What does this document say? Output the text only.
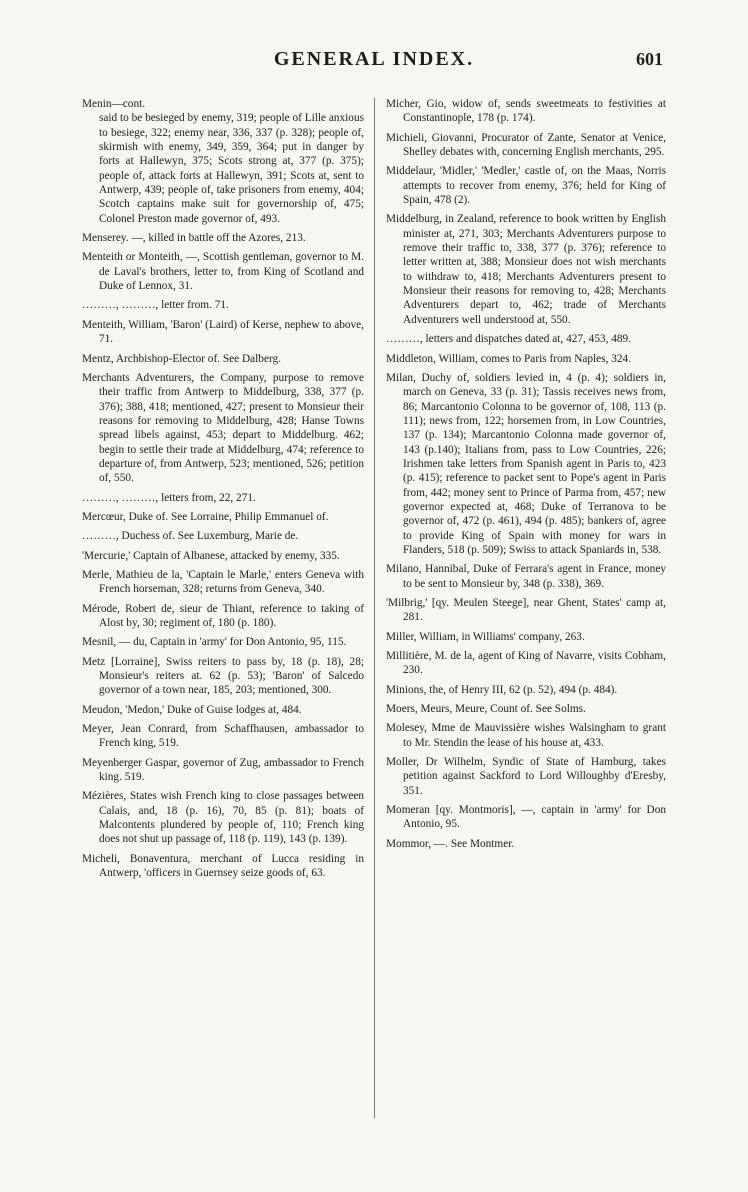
GENERAL INDEX.	601

Menin—cont.

said to be besieged by enemy, 319; people of Lille anxious to besiege, 322; enemy near, 336, 337 (p. 328); people of, skirmish with enemy, 349, 359, 364; put in danger by forts at Hallewyn, 375; Scots strong at, 377 (p. 375); people of, attack forts at Hallewyn, 391; Scots at, sent to Antwerp, 439; people of, take prisoners from enemy, 404; Scotch captains make suit for governorship of, 475; Colonel Preston made governor of, 493.

Menserey. —, killed in battle off the Azores, 213.

Menteith or Monteith, —, Scottish gentleman, governor to M. de Laval's brothers, letter to, from King of Scotland and Duke of Lennox, 31.

………, ………, letter from. 71.

Menteith, William, 'Baron' (Laird) of Kerse, nephew to above, 71.

Mentz, Archbishop-Elector of. See Dalberg.

Merchants Adventurers, the Company, purpose to remove their traffic from Antwerp to Middelburg, 338, 377 (p. 376); 388, 418; mentioned, 427; present to Monsieur their reasons for removing to Middelburg, 428; Hanse Towns spread libels against, 453; depart to Middelburg. 462; begin to settle their trade at Middelburg, 474; reference to departure of, from Antwerp, 523; mentioned, 526; petition of, 550.

………, ………, letters from, 22, 271.

Mercœur, Duke of. See Lorraine, Philip Emmanuel of.

………, Duchess of. See Luxemburg, Marie de.

'Mercurie,' Captain of Albanese, attacked by enemy, 335.

Merle, Mathieu de la, 'Captain le Marle,' enters Geneva with French horseman, 328; returns from Geneva, 340.

Mérode, Robert de, sieur de Thiant, reference to taking of Alost by, 30; regiment of, 180 (p. 180).

Mesnil, — du, Captain in 'army' for Don Antonio, 95, 115.

Metz [Lorraine], Swiss reiters to pass by, 18 (p. 18), 28; Monsieur's reiters at. 62 (p. 53); 'Baron' of Salcedo governor of a town near, 185, 203; mentioned, 300.

Meudon, 'Medon,' Duke of Guise lodges at, 484.

Meyer, Jean Conrard, from Schaffhausen, ambassador to French king, 519.

Meyenberger Gaspar, governor of Zug, ambassador to French king. 519.

Mézières, States wish French king to close passages between Calais, and, 18 (p. 16), 70, 85 (p. 81); boats of Malcontents plundered by people of, 110; French king does not shut up passage of, 118 (p. 119), 143 (p. 139).

Micheli, Bonaventura, merchant of Lucca residing in Antwerp, 'officers in Guernsey seize goods of, 63.

Micher, Gio, widow of, sends sweetmeats to festivities at Constantinople, 178 (p. 174).

Michieli, Giovanni, Procurator of Zante, Senator at Venice, Shelley debates with, concerning English merchants, 295.

Middelaur, 'Midler,' 'Medler,' castle of, on the Maas, Norris attempts to recover from enemy, 376; held for King of Spain, 478 (2).

Middelburg, in Zealand, reference to book written by English minister at, 271, 303; Merchants Adventurers purpose to remove their traffic to, 338, 377 (p. 376); reference to letter written at, 388; Monsieur does not wish merchants to withdraw to, 418; Merchants Adventurers present to Monsieur their reasons for removing to, 428; Merchants Adventurers depart to, 462; trade of Merchants Adventurers well understood at, 550.

………, letters and dispatches dated at, 427, 453, 489.

Middleton, William, comes to Paris from Naples, 324.

Milan, Duchy of, soldiers levied in, 4 (p. 4); soldiers in, march on Geneva, 33 (p. 31); Tassis receives news from, 86; Marcantonio Colonna to be governor of, 108, 113 (p. 111); news from, 122; horsemen from, in Low Countries, 137 (p. 134); Marcantonio Colonna made governor of, 143 (p.140); Italians from, pass to Low Countries, 226; Irishmen take letters from Spanish agent in Paris to, 423 (p. 415); reference to packet sent to Pope's agent in Paris from, 442; money sent to Prince of Parma from, 457; new governor expected at, 468; Duke of Terranova to be governor of, 472 (p. 461), 494 (p. 485); bankers of, agree to provide King of Spain with money for wars in Flanders, 518 (p. 509); Swiss to attack Spaniards in, 538.

Milano, Hannibal, Duke of Ferrara's agent in France, money to be sent to Monsieur by, 348 (p. 338), 369.

'Milbrig,' [qy. Meulen Steege], near Ghent, States' camp at, 281.

Miller, William, in Williams' company, 263.

Millitière, M. de la, agent of King of Navarre, visits Cobham, 230.

Minions, the, of Henry III, 62 (p. 52), 494 (p. 484).

Moers, Meurs, Meure, Count of. See Solms.

Molesey, Mme de Mauvissière wishes Walsingham to grant to Mr. Stendin the lease of his house at, 433.

Moller, Dr Wilhelm, Syndic of State of Hamburg, takes petition against Sackford to Lord Willoughby d'Eresby, 351.

Momeran [qy. Montmoris], —, captain in 'army' for Don Antonio, 95.

Mommor, —. See Montmer.
